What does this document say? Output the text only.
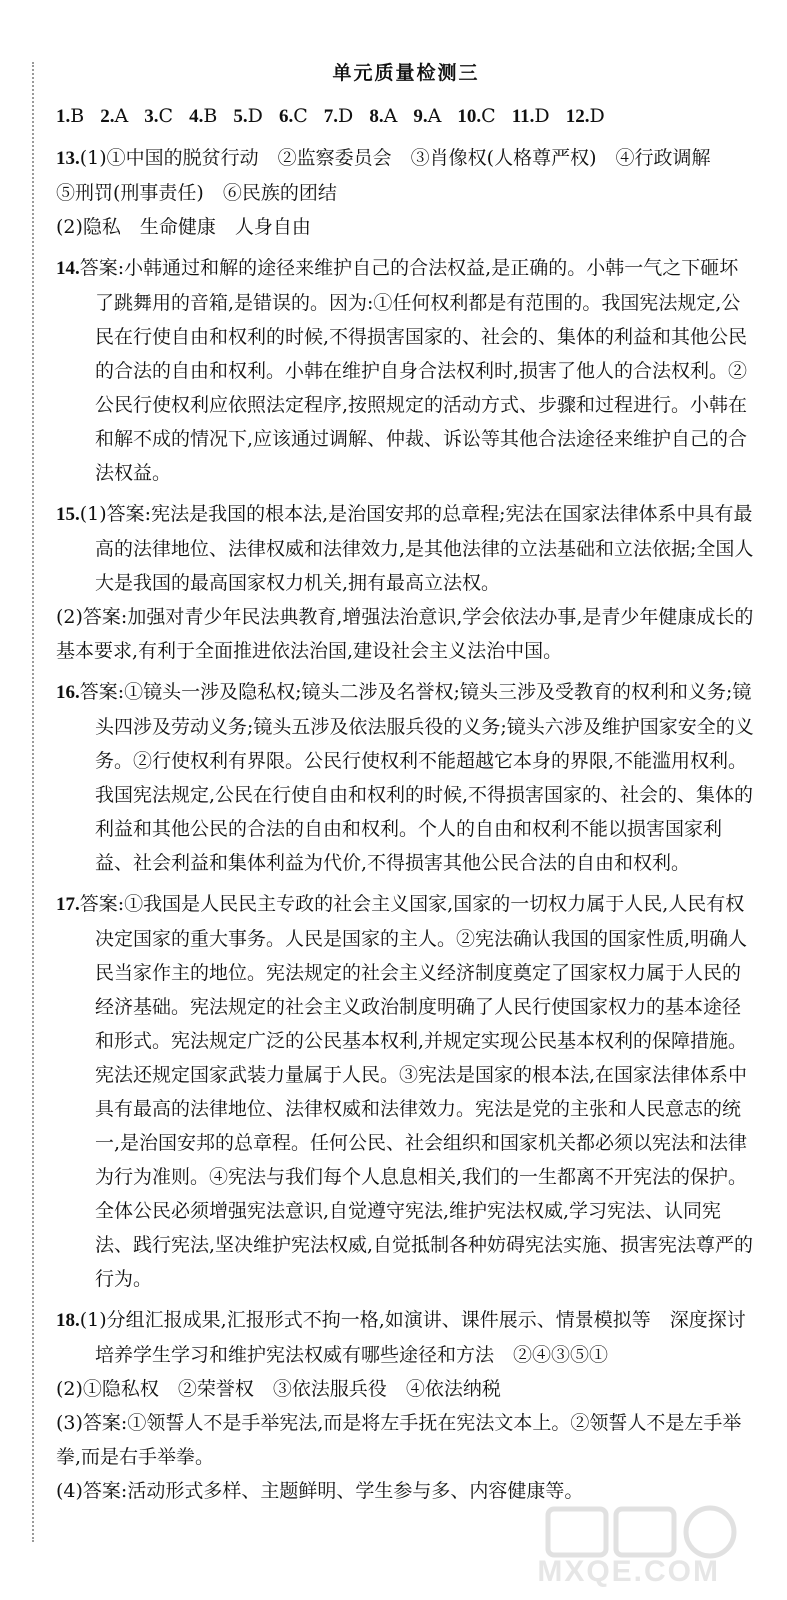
单元质量检测三

1.B 2.A 3.C 4.B 5.D 6.C 7.D 8.A 9.A 10.C 11.D 12.D

13.(1)①中国的脱贫行动　②监察委员会　③肖像权(人格尊严权)　④行政调解

⑤刑罚(刑事责任)　⑥民族的团结

(2)隐私　生命健康　人身自由

14.答案:小韩通过和解的途径来维护自己的合法权益,是正确的。小韩一气之下砸坏了跳舞用的音箱,是错误的。因为:①任何权利都是有范围的。我国宪法规定,公民在行使自由和权利的时候,不得损害国家的、社会的、集体的利益和其他公民的合法的自由和权利。小韩在维护自身合法权利时,损害了他人的合法权利。②公民行使权利应依照法定程序,按照规定的活动方式、步骤和过程进行。小韩在和解不成的情况下,应该通过调解、仲裁、诉讼等其他合法途径来维护自己的合法权益。

15.(1)答案:宪法是我国的根本法,是治国安邦的总章程;宪法在国家法律体系中具有最高的法律地位、法律权威和法律效力,是其他法律的立法基础和立法依据;全国人大是我国的最高国家权力机关,拥有最高立法权。

(2)答案:加强对青少年民法典教育,增强法治意识,学会依法办事,是青少年健康成长的基本要求,有利于全面推进依法治国,建设社会主义法治中国。

16.答案:①镜头一涉及隐私权;镜头二涉及名誉权;镜头三涉及受教育的权利和义务;镜头四涉及劳动义务;镜头五涉及依法服兵役的义务;镜头六涉及维护国家安全的义务。②行使权利有界限。公民行使权利不能超越它本身的界限,不能滥用权利。我国宪法规定,公民在行使自由和权利的时候,不得损害国家的、社会的、集体的利益和其他公民的合法的自由和权利。个人的自由和权利不能以损害国家利益、社会利益和集体利益为代价,不得损害其他公民合法的自由和权利。

17.答案:①我国是人民民主专政的社会主义国家,国家的一切权力属于人民,人民有权决定国家的重大事务。人民是国家的主人。②宪法确认我国的国家性质,明确人民当家作主的地位。宪法规定的社会主义经济制度奠定了国家权力属于人民的经济基础。宪法规定的社会主义政治制度明确了人民行使国家权力的基本途径和形式。宪法规定广泛的公民基本权利,并规定实现公民基本权利的保障措施。宪法还规定国家武装力量属于人民。③宪法是国家的根本法,在国家法律体系中具有最高的法律地位、法律权威和法律效力。宪法是党的主张和人民意志的统一,是治国安邦的总章程。任何公民、社会组织和国家机关都必须以宪法和法律为行为准则。④宪法与我们每个人息息相关,我们的一生都离不开宪法的保护。全体公民必须增强宪法意识,自觉遵守宪法,维护宪法权威,学习宪法、认同宪法、践行宪法,坚决维护宪法权威,自觉抵制各种妨碍宪法实施、损害宪法尊严的行为。

18.(1)分组汇报成果,汇报形式不拘一格,如演讲、课件展示、情景模拟等　深度探讨培养学生学习和维护宪法权威有哪些途径和方法　②④③⑤①

(2)①隐私权　②荣誉权　③依法服兵役　④依法纳税

(3)答案:①领誓人不是手举宪法,而是将左手抚在宪法文本上。②领誓人不是左手举拳,而是右手举拳。

(4)答案:活动形式多样、主题鲜明、学生参与多、内容健康等。

MXQE.COM
